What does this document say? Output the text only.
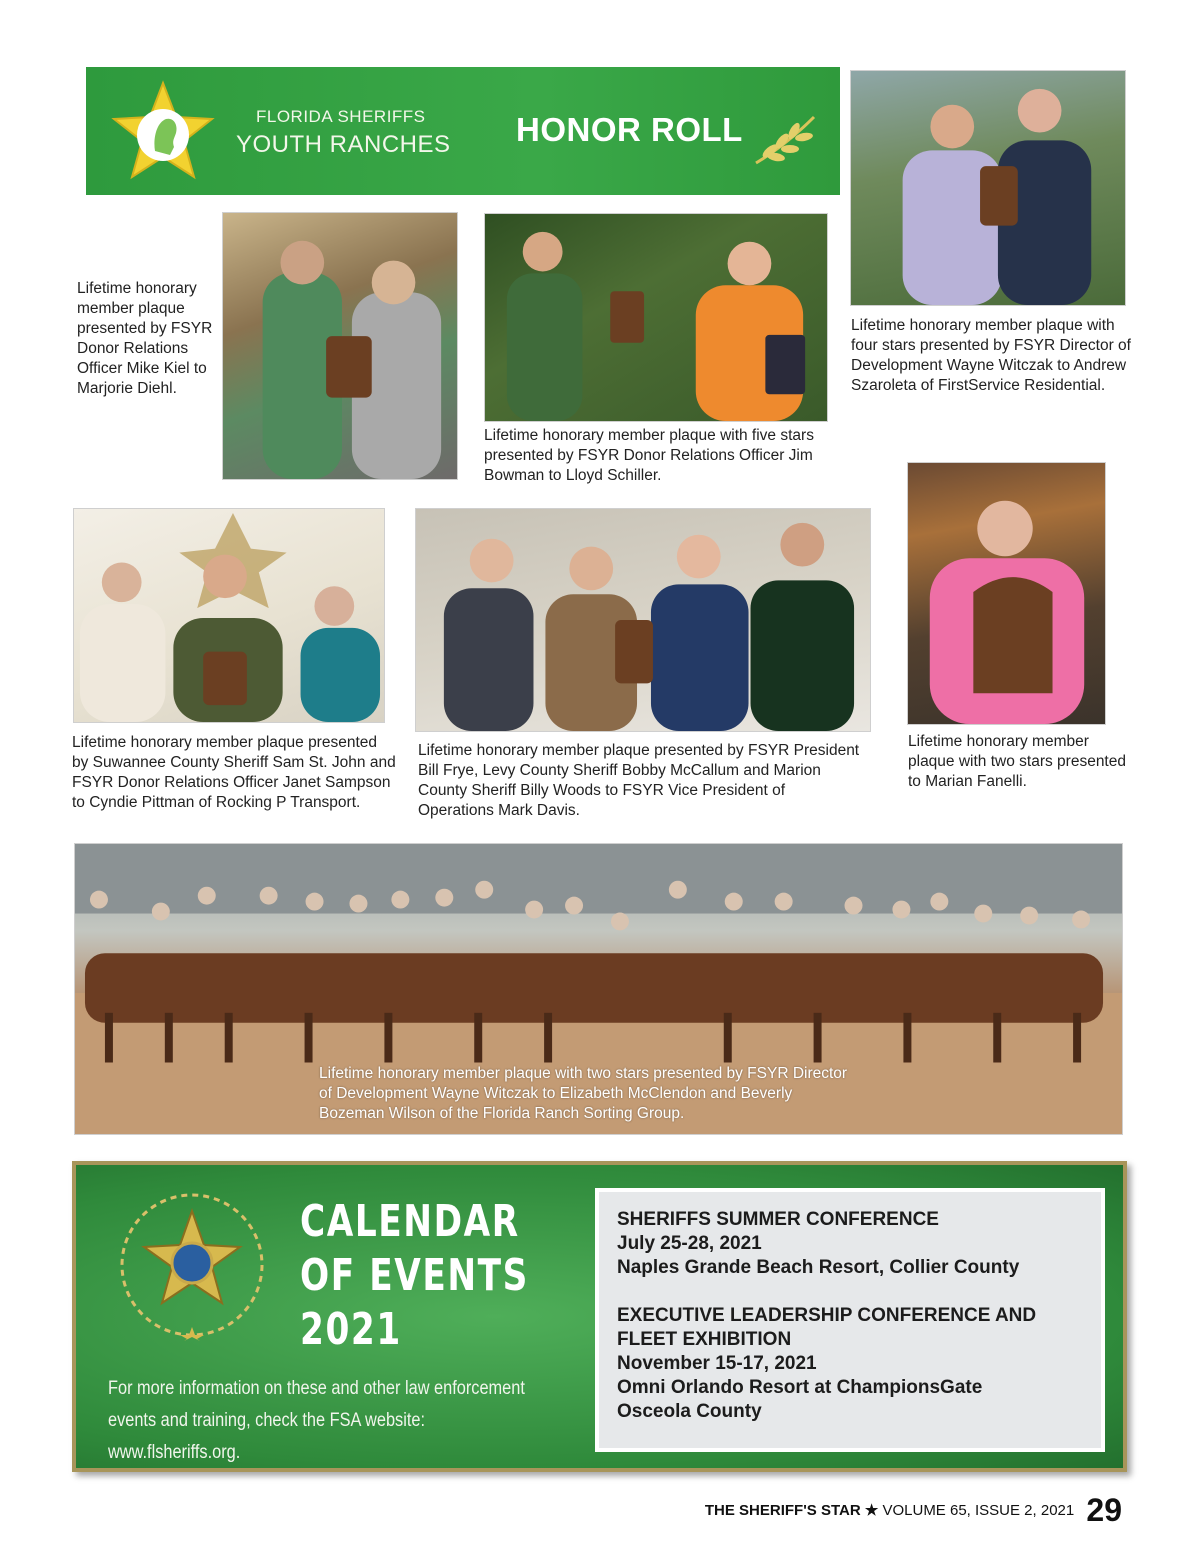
FLORIDA SHERIFFS
YOUTH RANCHES HONOR ROLL
Lifetime honorary member plaque presented by FSYR Donor Relations Officer Mike Kiel to Marjorie Diehl.
Lifetime honorary member plaque with five stars presented by FSYR Donor Relations Officer Jim Bowman to Lloyd Schiller.
Lifetime honorary member plaque with four stars presented by FSYR Director of Development Wayne Witczak to Andrew Szaroleta of FirstService Residential.
Lifetime honorary member plaque presented by Suwannee County Sheriff Sam St. John and FSYR Donor Relations Officer Janet Sampson to Cyndie Pittman of Rocking P Transport.
Lifetime honorary member plaque presented by FSYR President Bill Frye, Levy County Sheriff Bobby McCallum and Marion County Sheriff Billy Woods to FSYR Vice President of Operations Mark Davis.
Lifetime honorary member plaque with two stars presented to Marian Fanelli.
Lifetime honorary member plaque with two stars presented by FSYR Director of Development Wayne Witczak to Elizabeth McClendon and Beverly Bozeman Wilson of the Florida Ranch Sorting Group.
CALENDAR
OF EVENTS
2021
For more information on these and other law enforcement events and training, check the FSA website: www.flsheriffs.org.
SHERIFFS SUMMER CONFERENCE
July 25-28, 2021
Naples Grande Beach Resort, Collier County
EXECUTIVE LEADERSHIP CONFERENCE AND
FLEET EXHIBITION
November 15-17, 2021
Omni Orlando Resort at ChampionsGate
Osceola County
THE SHERIFF'S STAR ★ VOLUME 65, ISSUE 2, 2021 29
